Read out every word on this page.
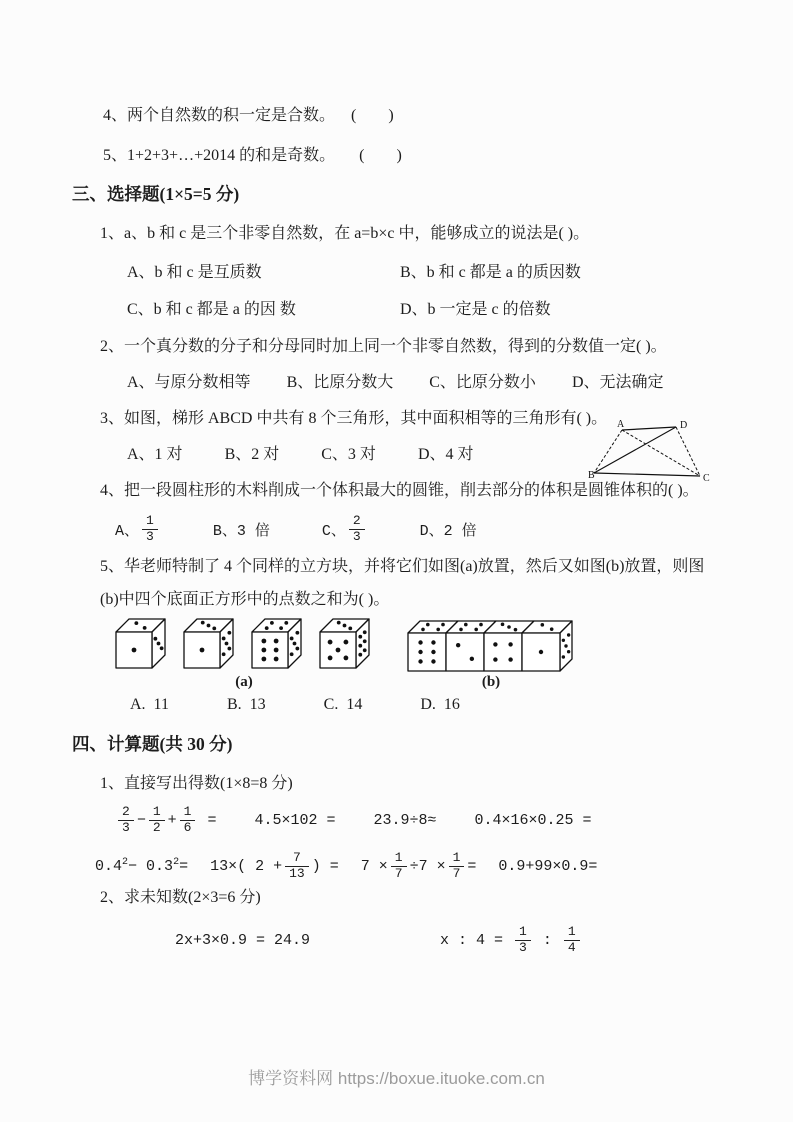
4、两个自然数的积一定是合数。 (        )
5、1+2+3+…+2014 的和是奇数。 (        )
三、选择题(1×5=5 分)
1、a、b 和 c 是三个非零自然数，在 a=b×c 中，能够成立的说法是( )。
A、b 和 c 是互质数	B、b 和 c 都是 a 的质因数
C、b 和 c 都是 a 的因 数	D、b 一定是 c 的倍数
2、一个真分数的分子和分母同时加上同一个非零自然数，得到的分数值一定( )。
A、与原分数相等 B、比原分数大 C、比原分数小 D、无法确定
3、如图，梯形 ABCD 中共有 8 个三角形，其中面积相等的三角形有( )。
A、1 对	B、2 对	C、3 对	D、4 对
A	D
B	C
4、把一段圆柱形的木料削成一个体积最大的圆锥，削去部分的体积是圆锥体积的( )。
A、 $\frac{1}{3}$	B、3 倍	C、 $\frac{2}{3}$	D、2 倍
5、华老师特制了 4 个同样的立方块，并将它们如图(a)放置，然后又如图(b)放置，则图
(b)中四个底面正方形中的点数之和为( )。
(a)	(b)
A.  11	B.  13	C.  14	D.  16
四、计算题(共 30 分)
1、直接写出得数(1×8=8 分)
$\frac{2}{3} - \frac{1}{2} + \frac{1}{6}$ =	4.5×102 =	23.9÷8≈	0.4×16×0.25 =
$0.4^2 - 0.3^2 = 13\times$( $2 + \frac{7}{13}$ ) = $7 \times \frac{1}{7} \div 7 \times \frac{1}{7} = 0.9+99\times 0.9=$
2、求未知数(2×3=6 分)
2x+3×0.9 = 24.9	x : $4 = \frac{1}{3}$ : $\frac{1}{4}$
博学资料网 https://boxue.ituoke.com.cn
